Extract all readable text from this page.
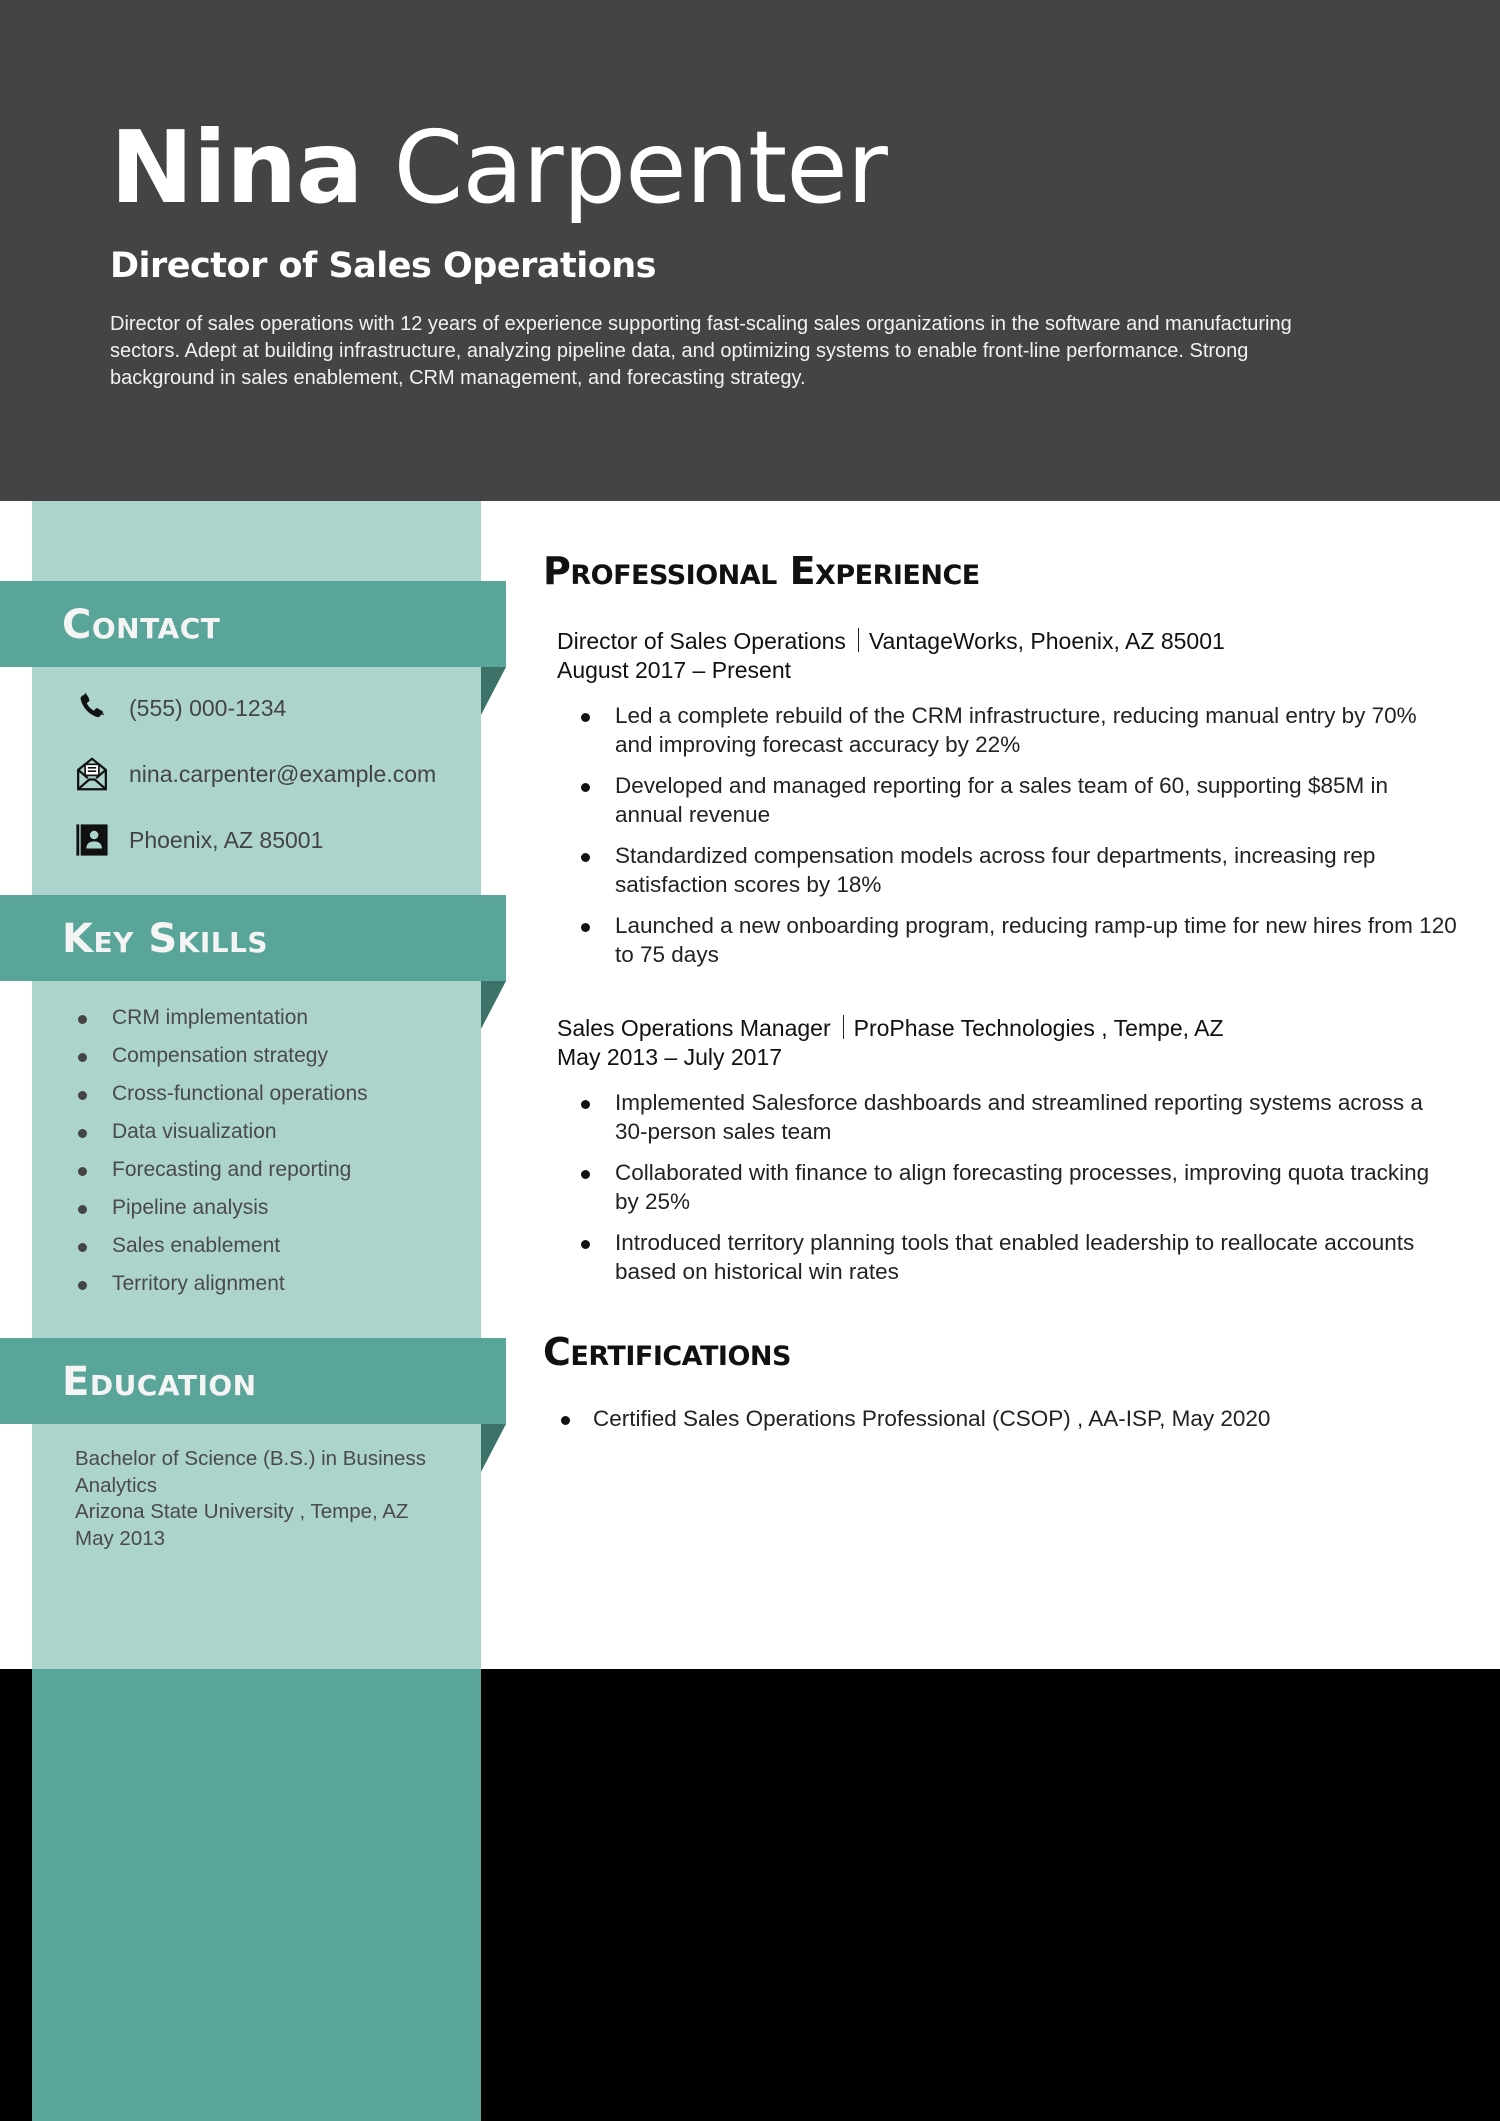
Nina Carpenter
Director of Sales Operations
Director of sales operations with 12 years of experience supporting fast-scaling sales organizations in the software and manufacturing sectors. Adept at building infrastructure, analyzing pipeline data, and optimizing systems to enable front-line performance. Strong background in sales enablement, CRM management, and forecasting strategy.
Contact
(555) 000-1234
nina.carpenter@example.com
Phoenix, AZ 85001
Key Skills
CRM implementation
Compensation strategy
Cross-functional operations
Data visualization
Forecasting and reporting
Pipeline analysis
Sales enablement
Territory alignment
Education
Bachelor of Science (B.S.) in Business Analytics
Arizona State University , Tempe, AZ
May 2013
Professional Experience
Director of Sales Operations VantageWorks, Phoenix, AZ 85001
August 2017 – Present
Led a complete rebuild of the CRM infrastructure, reducing manual entry by 70% and improving forecast accuracy by 22%
Developed and managed reporting for a sales team of 60, supporting $85M in annual revenue
Standardized compensation models across four departments, increasing rep satisfaction scores by 18%
Launched a new onboarding program, reducing ramp-up time for new hires from 120 to 75 days
Sales Operations Manager ProPhase Technologies , Tempe, AZ
May 2013 – July 2017
Implemented Salesforce dashboards and streamlined reporting systems across a 30-person sales team
Collaborated with finance to align forecasting processes, improving quota tracking by 25%
Introduced territory planning tools that enabled leadership to reallocate accounts based on historical win rates
Certifications
Certified Sales Operations Professional (CSOP) , AA-ISP, May 2020
